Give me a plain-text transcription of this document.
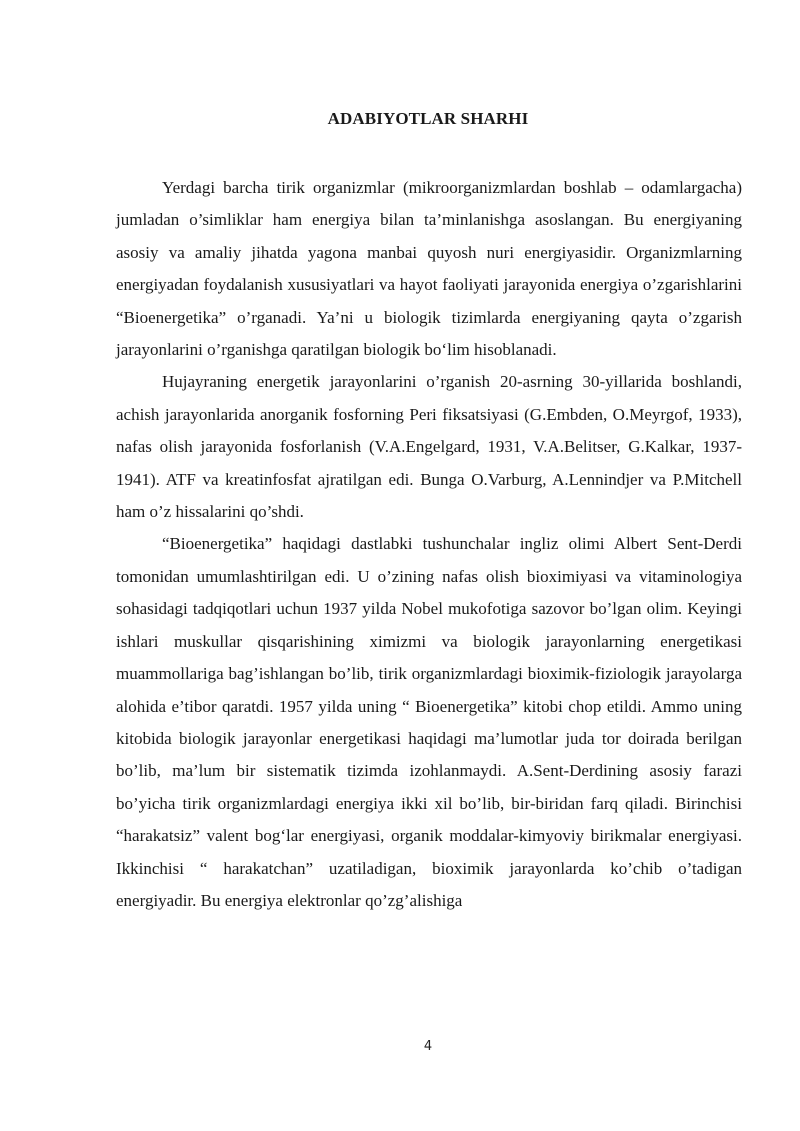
ADABIYOTLAR SHARHI

Yerdagi barcha tirik organizmlar (mikroorganizmlardan boshlab – odamlargacha) jumladan o’simliklar ham energiya bilan ta’minlanishga asoslangan. Bu energiyaning asosiy va amaliy jihatda yagona manbai quyosh nuri energiyasidir. Organizmlarning energiyadan foydalanish xususiyatlari va hayot faoliyati jarayonida energiya o’zgarishlarini “Bioenergetika” o’rganadi. Ya’ni u biologik tizimlarda energiyaning qayta o’zgarish jarayonlarini o’rganishga qaratilgan biologik bo‘lim hisoblanadi.

Hujayraning energetik jarayonlarini o’rganish 20-asrning 30-yillarida boshlandi, achish jarayonlarida anorganik fosforning Peri fiksatsiyasi (G.Embden, O.Meyrgof, 1933), nafas olish jarayonida fosforlanish (V.A.Engelgard, 1931, V.A.Belitser, G.Kalkar, 1937-1941). ATF va kreatinfosfat ajratilgan edi. Bunga O.Varburg, A.Lennindjer va P.Mitchell ham o’z hissalarini qo’shdi.

“Bioenergetika” haqidagi dastlabki tushunchalar ingliz olimi Albert Sent-Derdi tomonidan umumlashtirilgan edi. U o’zining nafas olish bioximiyasi va vitaminologiya sohasidagi tadqiqotlari uchun 1937 yilda Nobel mukofotiga sazovor bo’lgan olim. Keyingi ishlari muskullar qisqarishining ximizmi va biologik jarayonlarning energetikasi muammollariga bag’ishlangan bo’lib, tirik organizmlardagi bioximik-fiziologik jarayolarga alohida e’tibor qaratdi. 1957 yilda uning “ Bioenergetika” kitobi chop etildi. Ammo uning kitobida biologik jarayonlar energetikasi haqidagi ma’lumotlar juda tor doirada berilgan bo’lib, ma’lum bir sistematik tizimda izohlanmaydi. A.Sent-Derdining asosiy farazi bo’yicha tirik organizmlardagi energiya ikki xil bo’lib, bir-biridan farq qiladi. Birinchisi “harakatsiz” valent bog‘lar energiyasi, organik moddalar-kimyoviy birikmalar energiyasi. Ikkinchisi “ harakatchan” uzatiladigan, bioximik jarayonlarda ko’chib o’tadigan energiyadir. Bu energiya elektronlar qo’zg’alishiga

4
